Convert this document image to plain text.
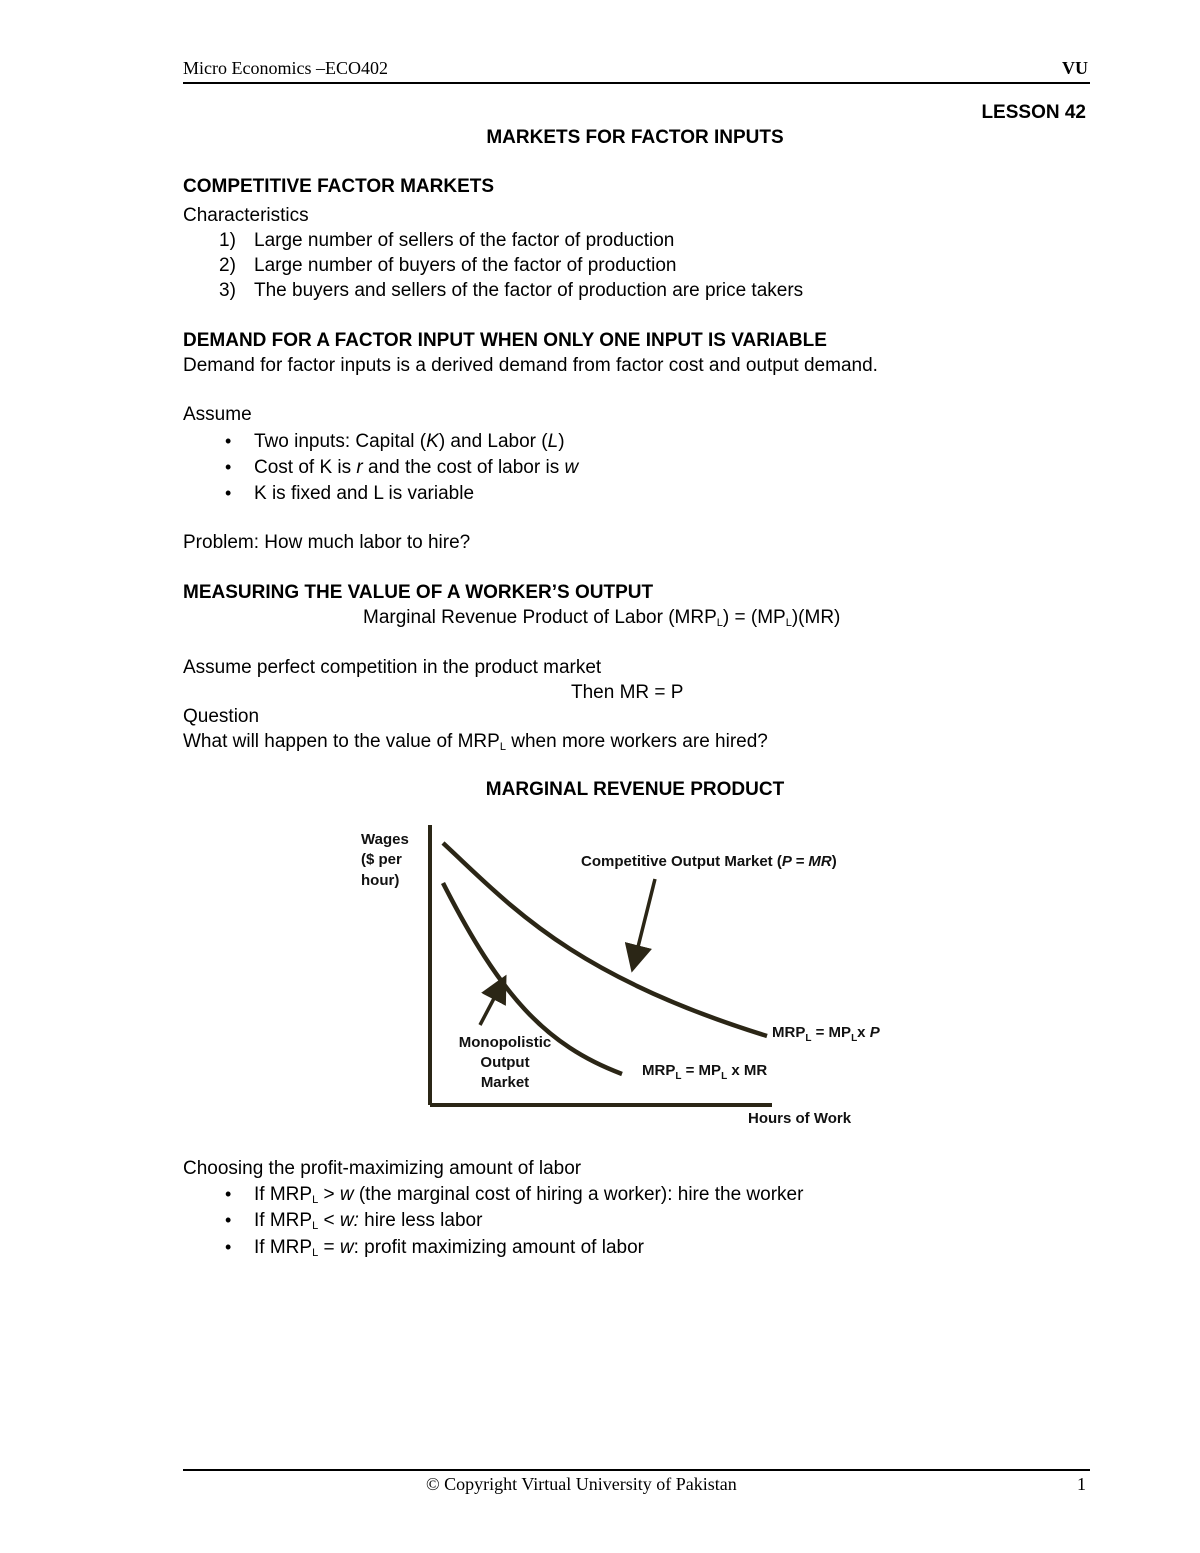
Micro Economics –ECO402	VU
LESSON 42
MARKETS FOR FACTOR INPUTS
COMPETITIVE FACTOR MARKETS
Characteristics
1) Large number of sellers of the factor of production
2) Large number of buyers of the factor of production
3) The buyers and sellers of the factor of production are price takers
DEMAND FOR A FACTOR INPUT WHEN ONLY ONE INPUT IS VARIABLE
Demand for factor inputs is a derived demand from factor cost and output demand.
Assume
• Two inputs: Capital (K) and Labor (L)
• Cost of K is r and the cost of labor is w
• K is fixed and L is variable
Problem: How much labor to hire?
MEASURING THE VALUE OF A WORKER’S OUTPUT
Marginal Revenue Product of Labor $(MRP_L) = (MP_L)(MR)$
Assume perfect competition in the product market
Then MR = P
Question
What will happen to the value of $MRP_L$ when more workers are hired?
MARGINAL REVENUE PRODUCT
Wages
($ per
hour)
Competitive Output Market (P = MR)
Monopolistic
Output
Market
$MRP_L = MP_Lx$ P
$MRP_L = MP_L$ x MR
Hours of Work
Choosing the profit-maximizing amount of labor
• If $MRP_L > w$ (the marginal cost of hiring a worker): hire the worker
• If $MRP_L < w$: hire less labor
• If $MRP_L = w$: profit maximizing amount of labor
© Copyright Virtual University of Pakistan	1
